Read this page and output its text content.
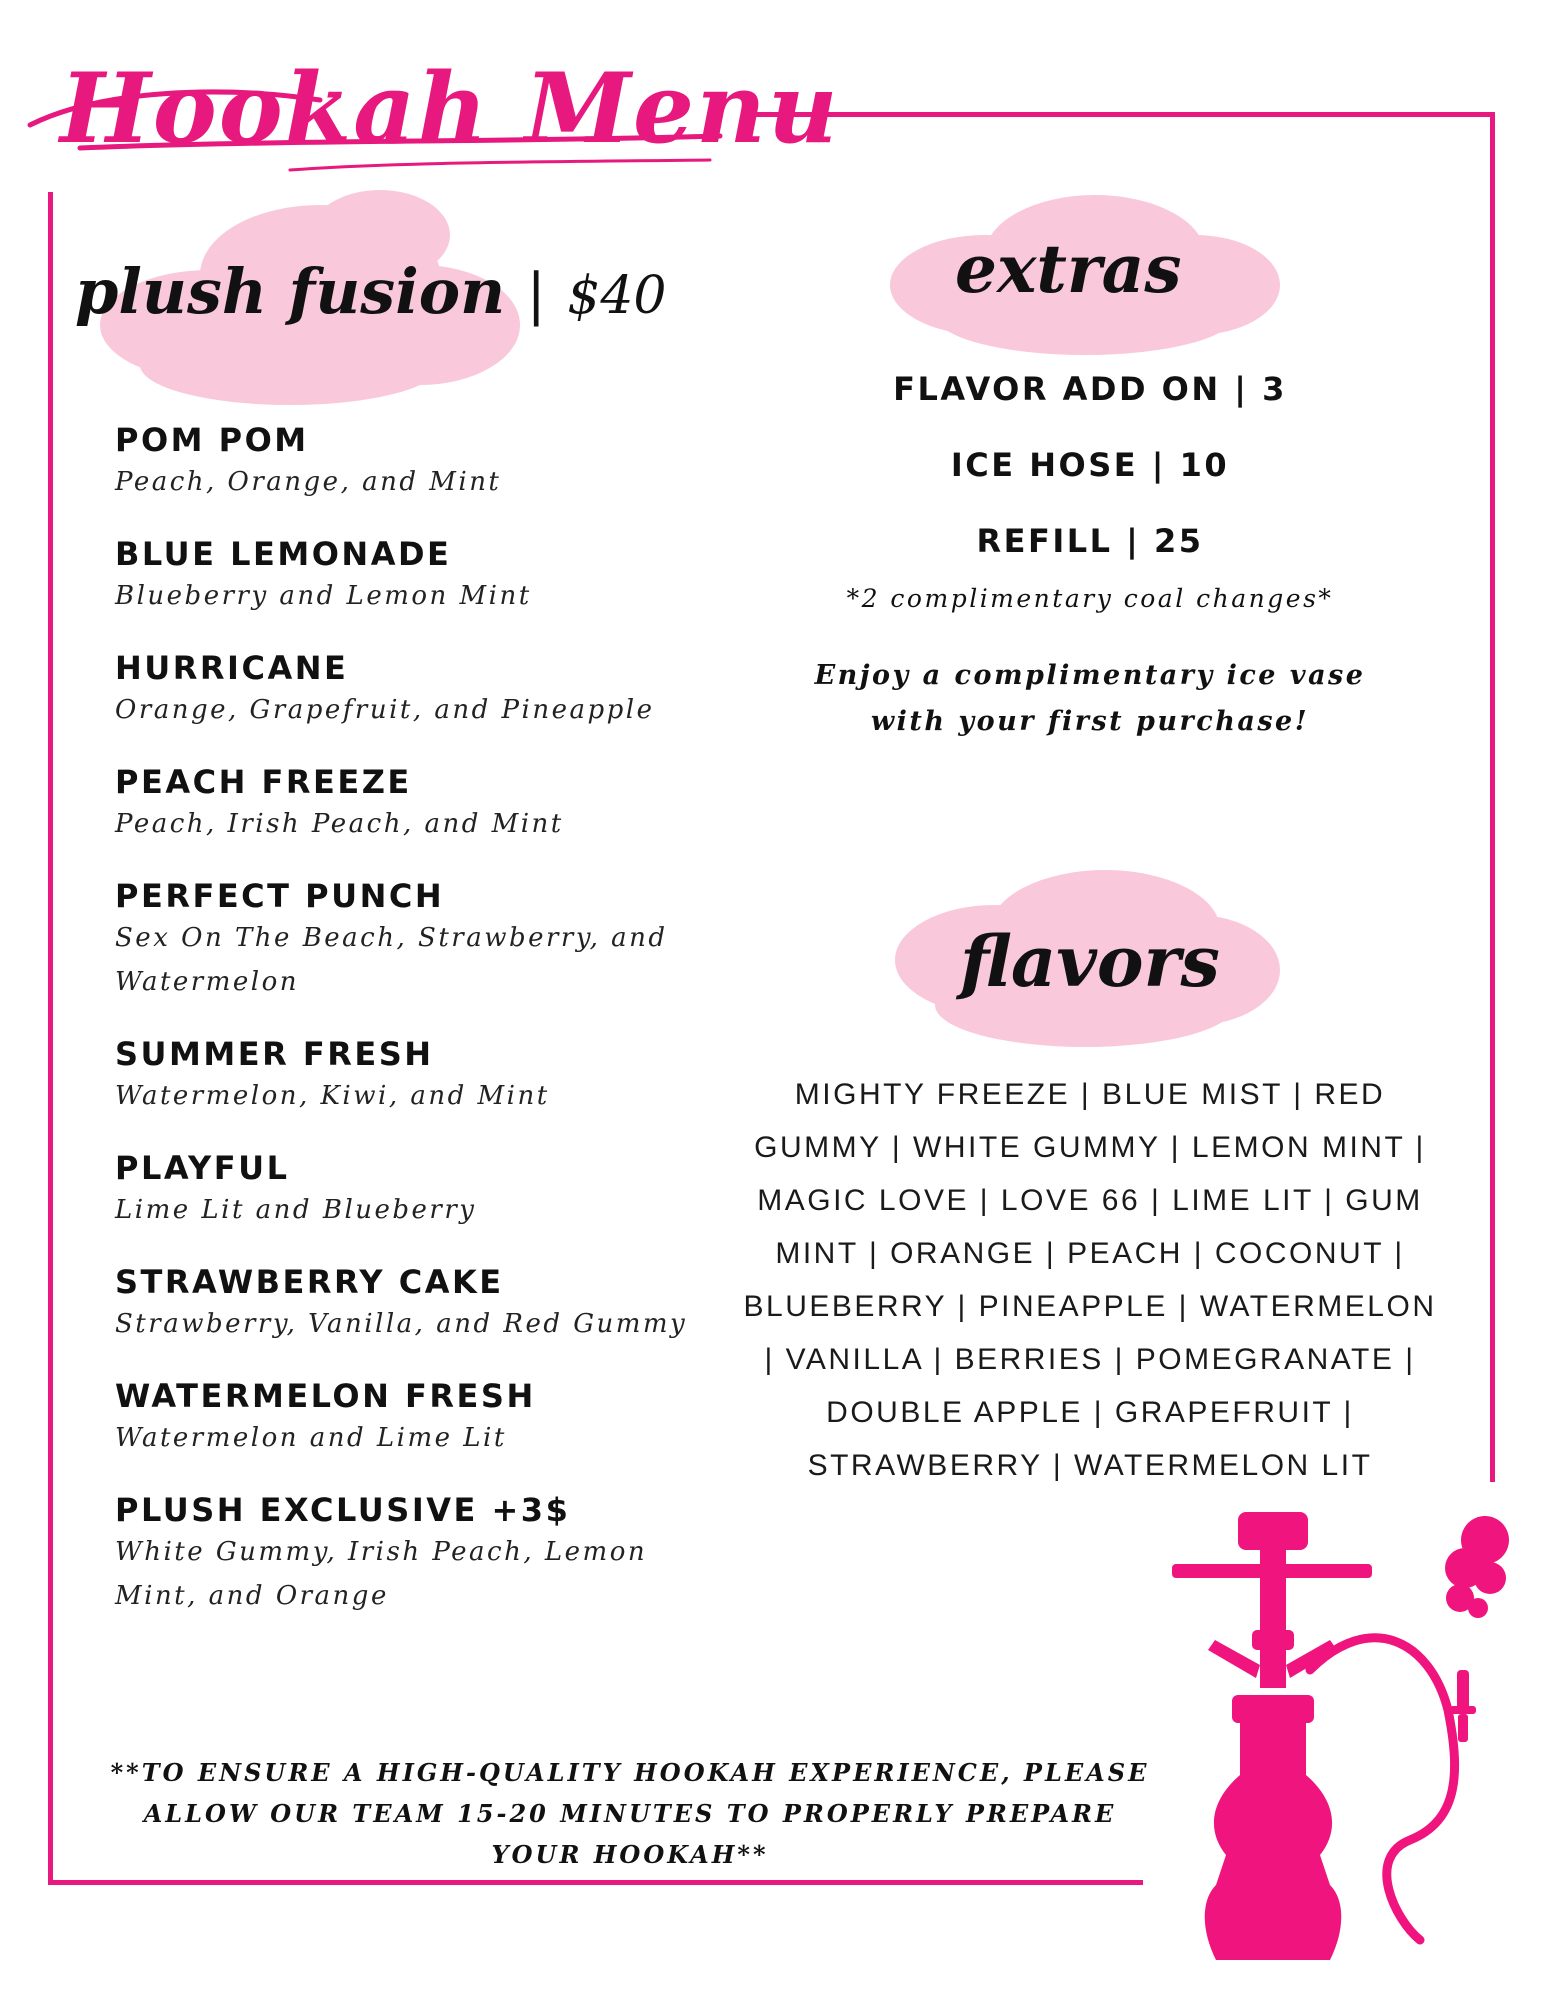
Hookah Menu
plush fusion | $40	extras
flavors
POM POM
Peach, Orange, and Mint
BLUE LEMONADE
Blueberry and Lemon Mint
HURRICANE
Orange, Grapefruit, and Pineapple
PEACH FREEZE
Peach, Irish Peach, and Mint
PERFECT PUNCH
Sex On The Beach, Strawberry, and Watermelon
SUMMER FRESH
Watermelon, Kiwi, and Mint
PLAYFUL
Lime Lit and Blueberry
STRAWBERRY CAKE
Strawberry, Vanilla, and Red Gummy
WATERMELON FRESH
Watermelon and Lime Lit
PLUSH EXCLUSIVE +3$
White Gummy, Irish Peach, Lemon Mint, and Orange
FLAVOR ADD ON | 3
ICE HOSE | 10
REFILL | 25
*2 complimentary coal changes*
Enjoy a complimentary ice vase with your first purchase!
MIGHTY FREEZE | BLUE MIST | RED GUMMY | WHITE GUMMY | LEMON MINT | MAGIC LOVE | LOVE 66 | LIME LIT | GUM MINT | ORANGE | PEACH | COCONUT | BLUEBERRY | PINEAPPLE | WATERMELON | VANILLA | BERRIES | POMEGRANATE | DOUBLE APPLE | GRAPEFRUIT | STRAWBERRY | WATERMELON LIT
**TO ENSURE A HIGH-QUALITY HOOKAH EXPERIENCE, PLEASE ALLOW OUR TEAM 15-20 MINUTES TO PROPERLY PREPARE YOUR HOOKAH**
